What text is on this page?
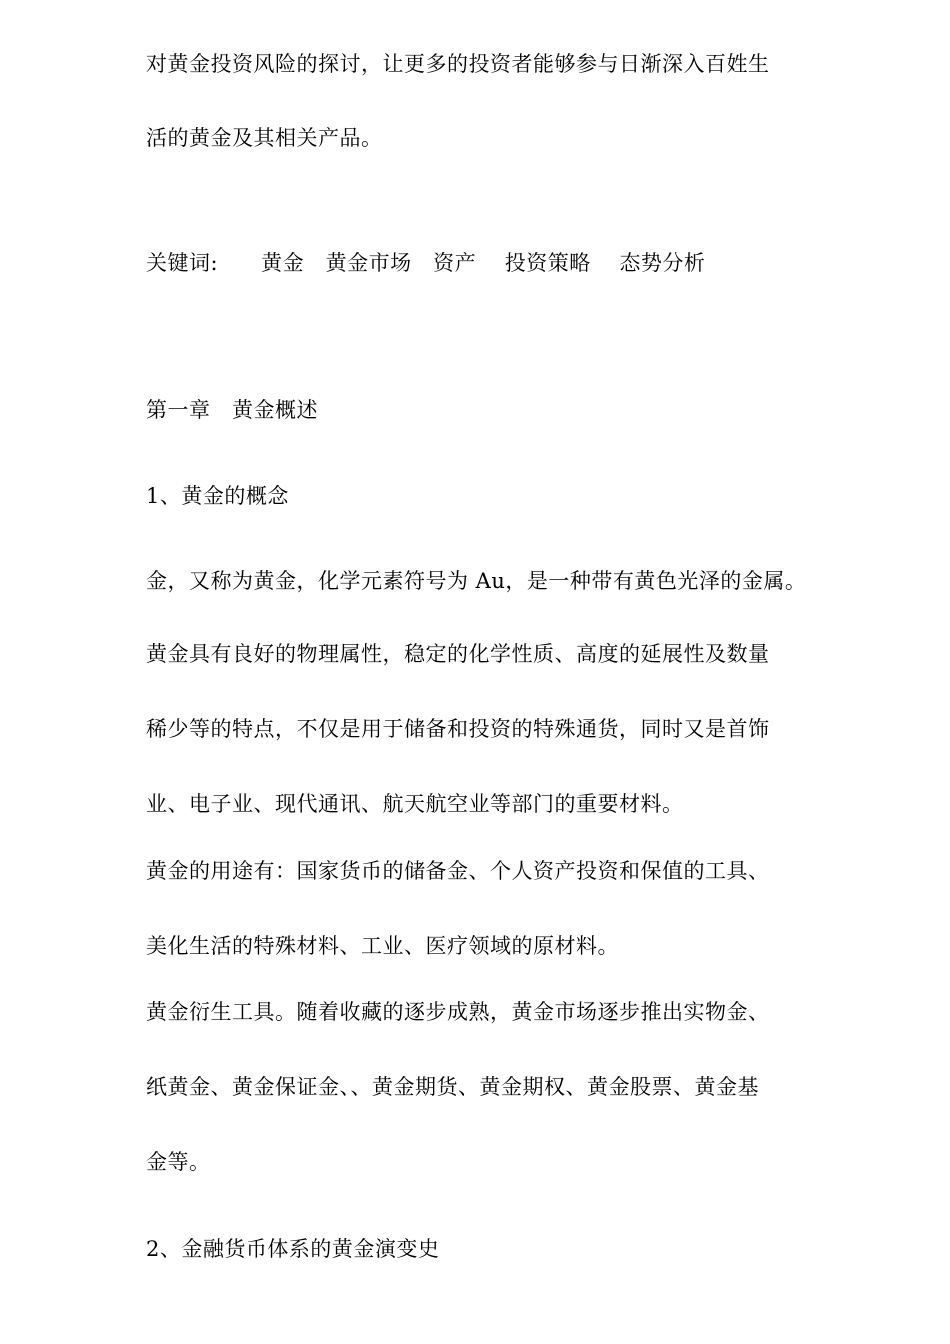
对黄金投资风险的探讨，让更多的投资者能够参与日渐深入百姓生
活的黄金及其相关产品。
关键词:　　黄金　黄金市场　资产　 投资策略　 态势分析
第一章　黄金概述
1、黄金的概念
金，又称为黄金，化学元素符号为 Au，是一种带有黄色光泽的金属。
黄金具有良好的物理属性，稳定的化学性质、高度的延展性及数量
稀少等的特点，不仅是用于储备和投资的特殊通货，同时又是首饰
业、电子业、现代通讯、航天航空业等部门的重要材料。
黄金的用途有：国家货币的储备金、个人资产投资和保值的工具、
美化生活的特殊材料、工业、医疗领域的原材料。
黄金衍生工具。随着收藏的逐步成熟，黄金市场逐步推出实物金、
纸黄金、黄金保证金、、黄金期货、黄金期权、黄金股票、黄金基
金等。
2、金融货币体系的黄金演变史
